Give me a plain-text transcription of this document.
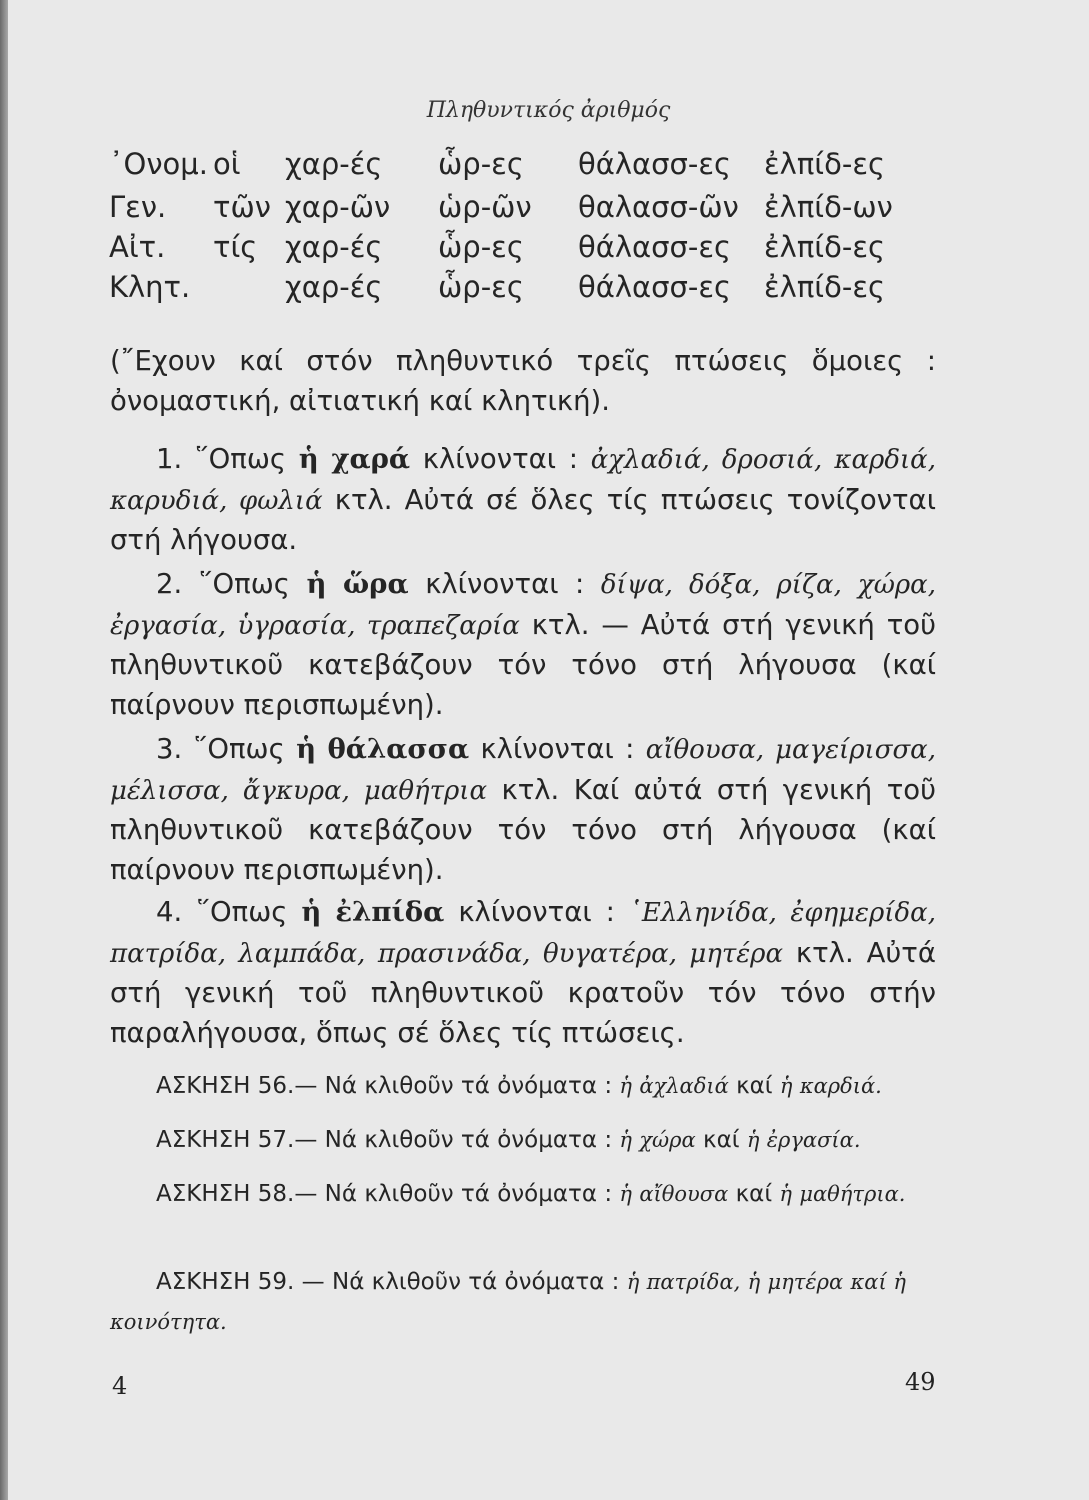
Πληθυντικός ἀριθμός
᾿Ονομ. οἱ χαρ-ές ὧρ-ες θάλασσ-ες ἐλπίδ-ες
Γεν. τῶν χαρ-ῶν ὡρ-ῶν θαλασσ-ῶν ἐλπίδ-ων
Αἰτ. τίς χαρ-ές ὧρ-ες θάλασσ-ες ἐλπίδ-ες
Κλητ.	χαρ-ές ὧρ-ες θάλασσ-ες ἐλπίδ-ες
(῎Εχουν καί στόν πληθυντικό τρεῖς πτώσεις ὅμοιες :
ὀνομαστική, αἰτιατική καί κλητική).
1. ῞Οπως ἡ χαρά κλίνονται : ἀχλαδιά, δροσιά, καρδιά, καρυδιά, φωλιά κτλ. Αὐτά σέ ὅλες τίς πτώσεις τονίζονται στή λήγουσα.
2. ῞Οπως ἡ ὥρα κλίνονται : δίψα, δόξα, ρίζα, χώρα, ἐργασία, ὑγρασία, τραπεζαρία κτλ. — Αὐτά στή γενική τοῦ πληθυντικοῦ κατεβάζουν τόν τόνο στή λήγουσα (καί παίρνουν περισπωμένη).
3. ῞Οπως ἡ θάλασσα κλίνονται : αἴθουσα, μαγείρισσα, μέλισσα, ἄγκυρα, μαθήτρια κτλ. Καί αὐτά στή γενική τοῦ πληθυντικοῦ κατεβάζουν τόν τόνο στή λήγουσα (καί παίρνουν περισπωμένη).
4. ῞Οπως ἡ ἐλπίδα κλίνονται : ῾Ελληνίδα, ἐφημερίδα, πατρίδα, λαμπάδα, πρασινάδα, θυγατέρα, μητέρα κτλ. Αὐτά στή γενική τοῦ πληθυντικοῦ κρατοῦν τόν τόνο στήν παραλήγουσα, ὅπως σέ ὅλες τίς πτώσεις.
ΑΣΚΗΣΗ 56.— Νά κλιθοῦν τά ὀνόματα : ἡ ἀχλαδιά καί ἡ καρδιά.
ΑΣΚΗΣΗ 57.— Νά κλιθοῦν τά ὀνόματα : ἡ χώρα καί ἡ ἐργασία.
ΑΣΚΗΣΗ 58.— Νά κλιθοῦν τά ὀνόματα : ἡ αἴθουσα καί ἡ μαθήτρια.
ΑΣΚΗΣΗ 59. — Νά κλιθοῦν τά ὀνόματα : ἡ πατρίδα, ἡ μητέρα καί ἡ κοινότητα.
4	49
